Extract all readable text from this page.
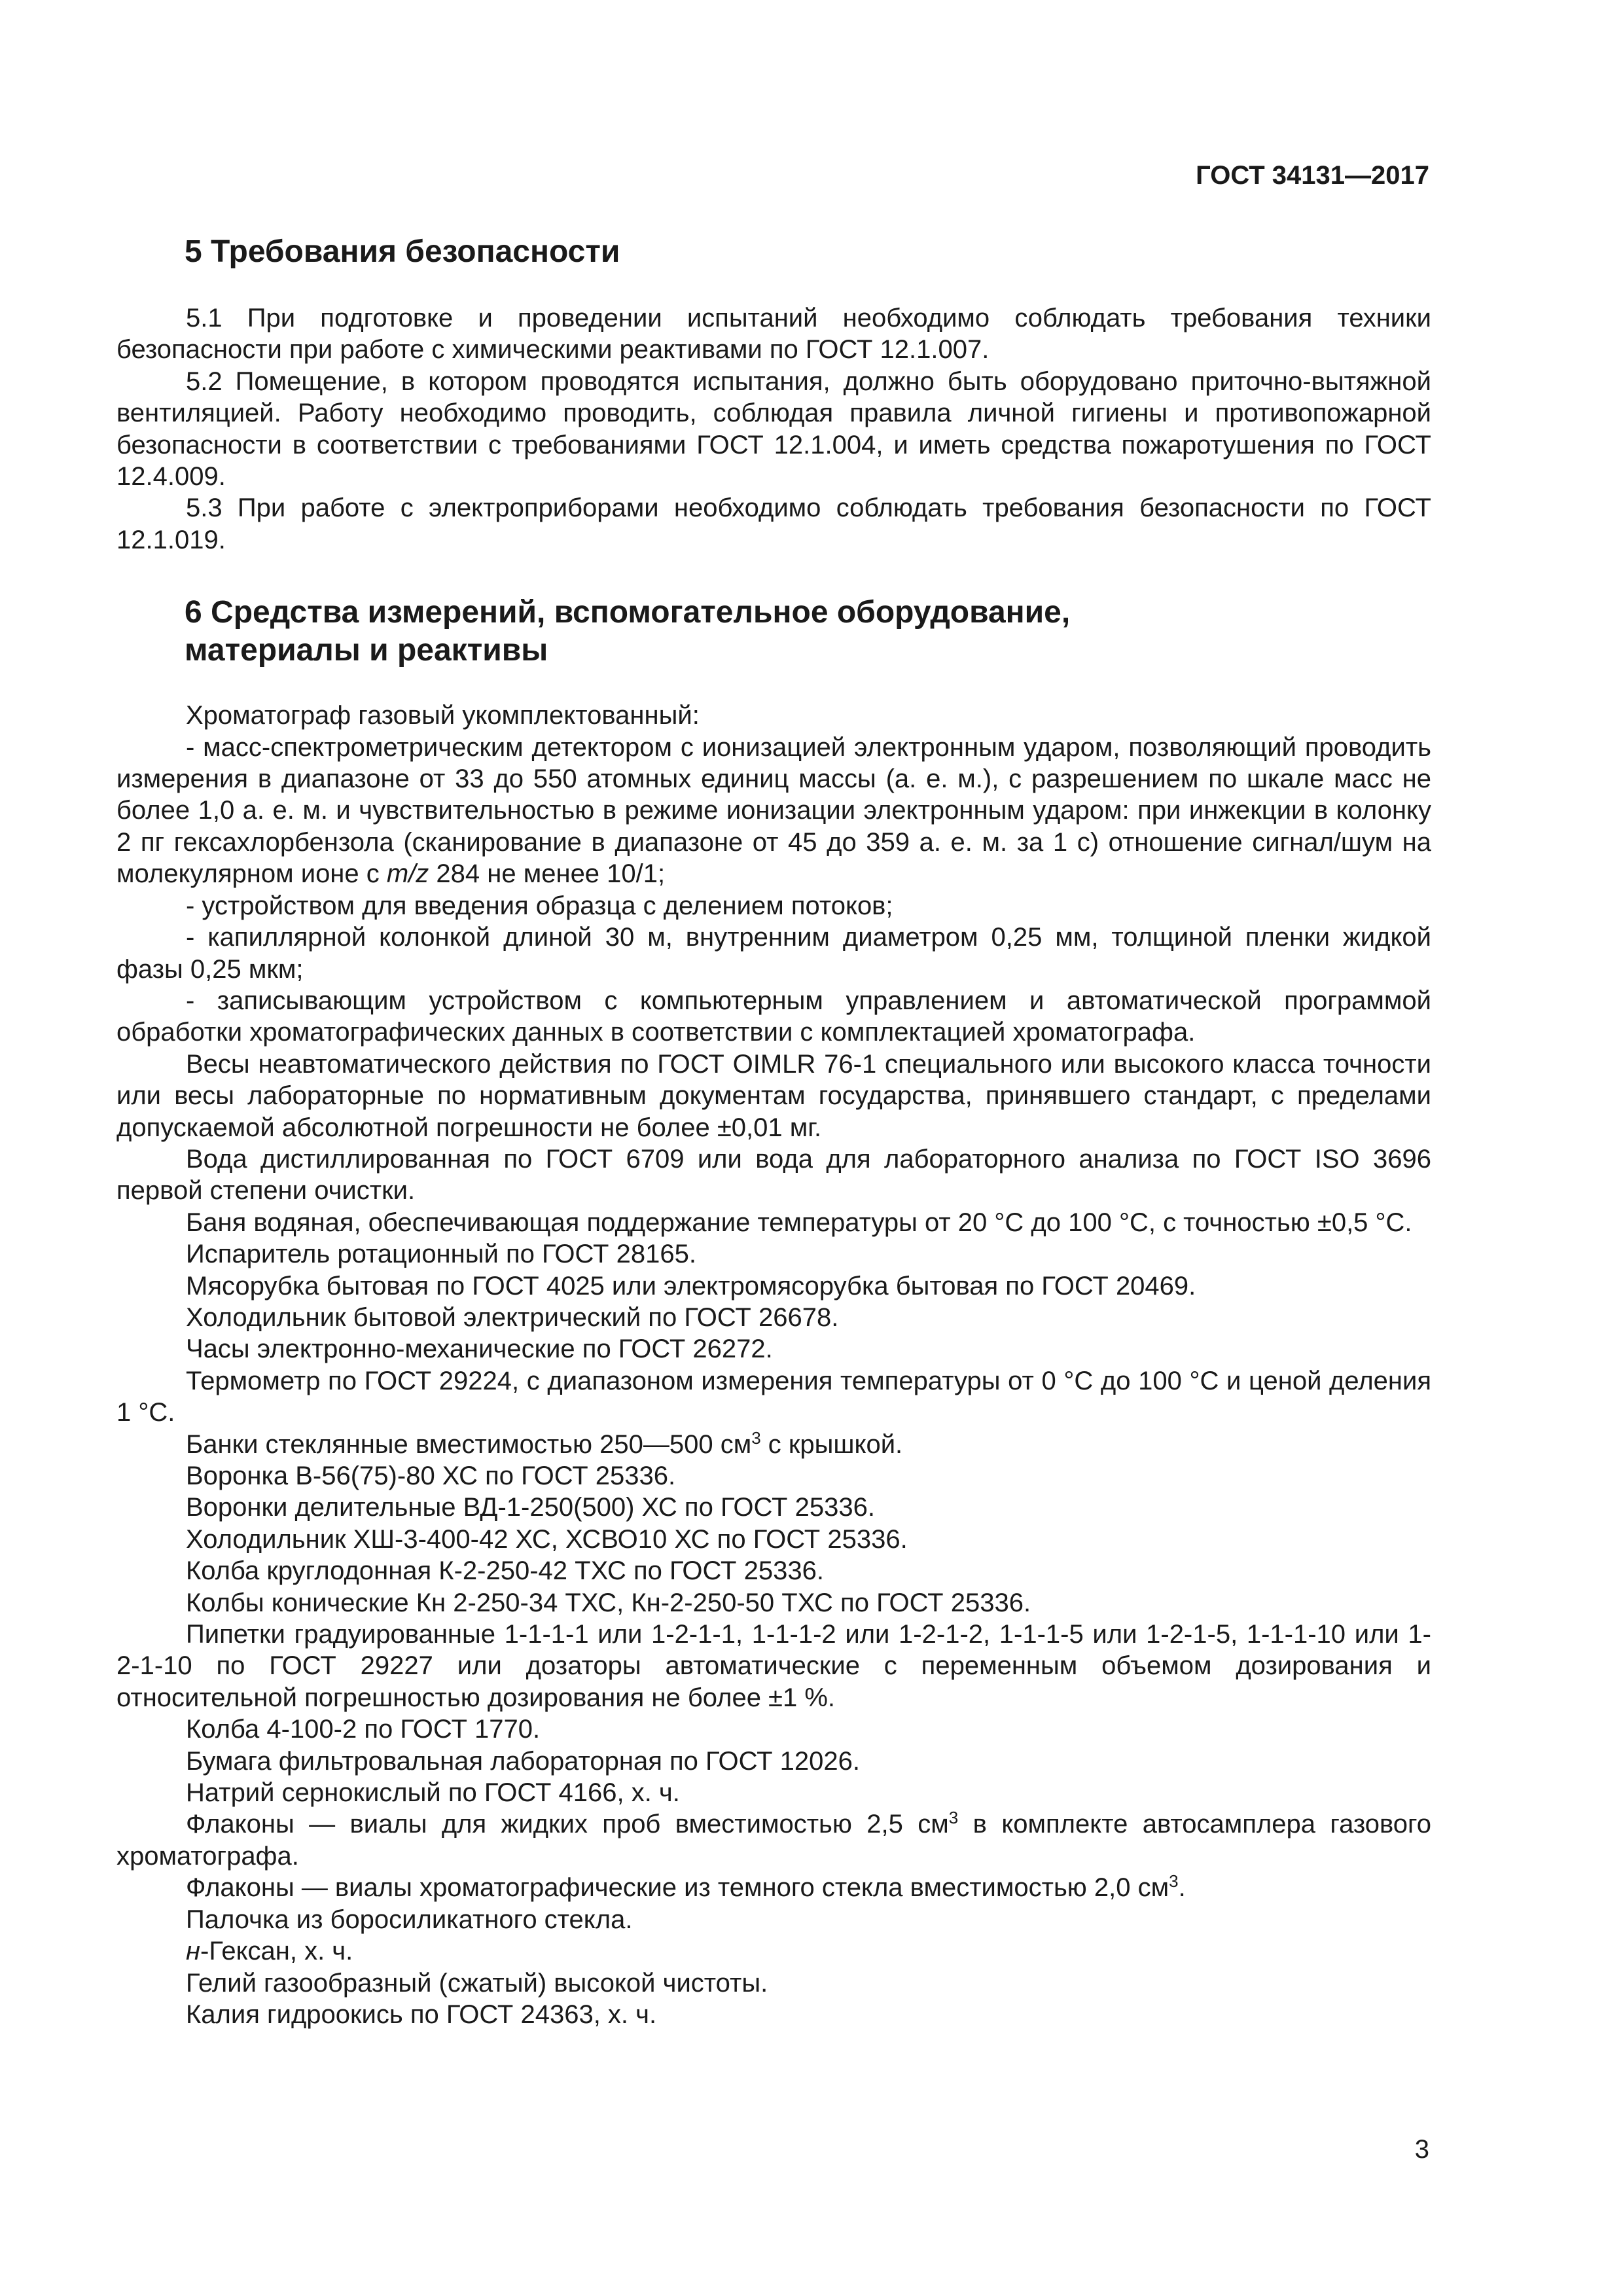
ГОСТ 34131—2017
5 Требования безопасности

5.1 При подготовке и проведении испытаний необходимо соблюдать требования техники безопасности при работе с химическими реактивами по ГОСТ 12.1.007.

5.2 Помещение, в котором проводятся испытания, должно быть оборудовано приточно-вытяжной вентиляцией. Работу необходимо проводить, соблюдая правила личной гигиены и противопожарной безопасности в соответствии с требованиями ГОСТ 12.1.004, и иметь средства пожаротушения по ГОСТ 12.4.009.

5.3 При работе с электроприборами необходимо соблюдать требования безопасности по ГОСТ 12.1.019.

6 Средства измерений, вспомогательное оборудование,
материалы и реактивы

Хроматограф газовый укомплектованный:

- масс-спектрометрическим детектором с ионизацией электронным ударом, позволяющий проводить измерения в диапазоне от 33 до 550 атомных единиц массы (а. е. м.), с разрешением по шкале масс не более 1,0 а. е. м. и чувствительностью в режиме ионизации электронным ударом: при инжекции в колонку 2 пг гексахлорбензола (сканирование в диапазоне от 45 до 359 а. е. м. за 1 с) отношение сигнал/шум на молекулярном ионе с m/z 284 не менее 10/1;

- устройством для введения образца с делением потоков;

- капиллярной колонкой длиной 30 м, внутренним диаметром 0,25 мм, толщиной пленки жидкой фазы 0,25 мкм;

- записывающим устройством с компьютерным управлением и автоматической программой обработки хроматографических данных в соответствии с комплектацией хроматографа.

Весы неавтоматического действия по ГОСТ OIMLR 76-1 специального или высокого класса точности или весы лабораторные по нормативным документам государства, принявшего стандарт, с пределами допускаемой абсолютной погрешности не более ±0,01 мг.

Вода дистиллированная по ГОСТ 6709 или вода для лабораторного анализа по ГОСТ ISO 3696 первой степени очистки.

Баня водяная, обеспечивающая поддержание температуры от 20 °С до 100 °С, с точностью ±0,5 °С.

Испаритель ротационный по ГОСТ 28165.

Мясорубка бытовая по ГОСТ 4025 или электромясорубка бытовая по ГОСТ 20469.

Холодильник бытовой электрический по ГОСТ 26678.

Часы электронно-механические по ГОСТ 26272.

Термометр по ГОСТ 29224, с диапазоном измерения температуры от 0 °С до 100 °С и ценой деления 1 °С.

Банки стеклянные вместимостью 250—500 $см^3$ с крышкой.

Воронка В-56(75)-80 ХС по ГОСТ 25336.

Воронки делительные ВД-1-250(500) ХС по ГОСТ 25336.

Холодильник ХШ-3-400-42 ХС, ХСВО10 ХС по ГОСТ 25336.

Колба круглодонная К-2-250-42 ТХС по ГОСТ 25336.

Колбы конические Кн 2-250-34 ТХС, Кн-2-250-50 ТХС по ГОСТ 25336.

Пипетки градуированные 1-1-1-1 или 1-2-1-1, 1-1-1-2 или 1-2-1-2, 1-1-1-5 или 1-2-1-5, 1-1-1-10 или 1-2-1-10 по ГОСТ 29227 или дозаторы автоматические с переменным объемом дозирования и относительной погрешностью дозирования не более ±1 %.

Колба 4-100-2 по ГОСТ 1770.

Бумага фильтровальная лабораторная по ГОСТ 12026.

Натрий сернокислый по ГОСТ 4166, х. ч.

Флаконы — виалы для жидких проб вместимостью 2,5 $см^3$ в комплекте автосамплера газового хроматографа.

Флаконы — виалы хроматографические из темного стекла вместимостью 2,0 $см^3$.

Палочка из боросиликатного стекла.

н-Гексан, х. ч.

Гелий газообразный (сжатый) высокой чистоты.

Калия гидроокись по ГОСТ 24363, х. ч.

3
